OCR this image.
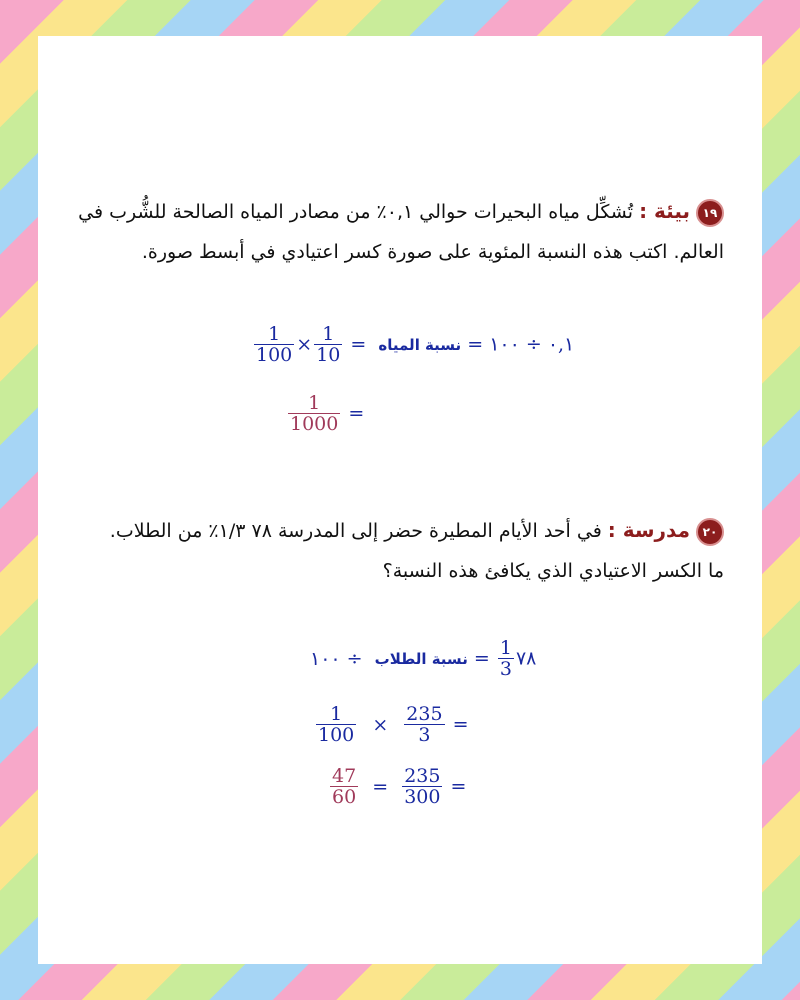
١٩بيئة :تُشكِّل مياه البحيرات حوالي ٠,١٪ من مصادر المياه الصالحة للشُّرب في
العالم. اكتب هذه النسبة المئوية على صورة كسر اعتيادي في أبسط صورة.
$\frac{1}{100} \times \frac{1}{10}$ = ٠,١ ÷ ١٠٠ = نسبة المياه
$\frac{1}{1000}$ =
٢٠مدرسة :في أحد الأيام المطيرة حضر إلى المدرسة ٧٨ ١/٣٪ من الطلاب.
ما الكسر الاعتيادي الذي يكافئ هذه النسبة؟
÷ ١٠٠	٧٨
$\frac{1}{3}$
= نسبة الطلاب
$\frac{1}{100} \times \frac{235}{3}$ =
$\frac{47}{60} = \frac{235}{300}$ =
